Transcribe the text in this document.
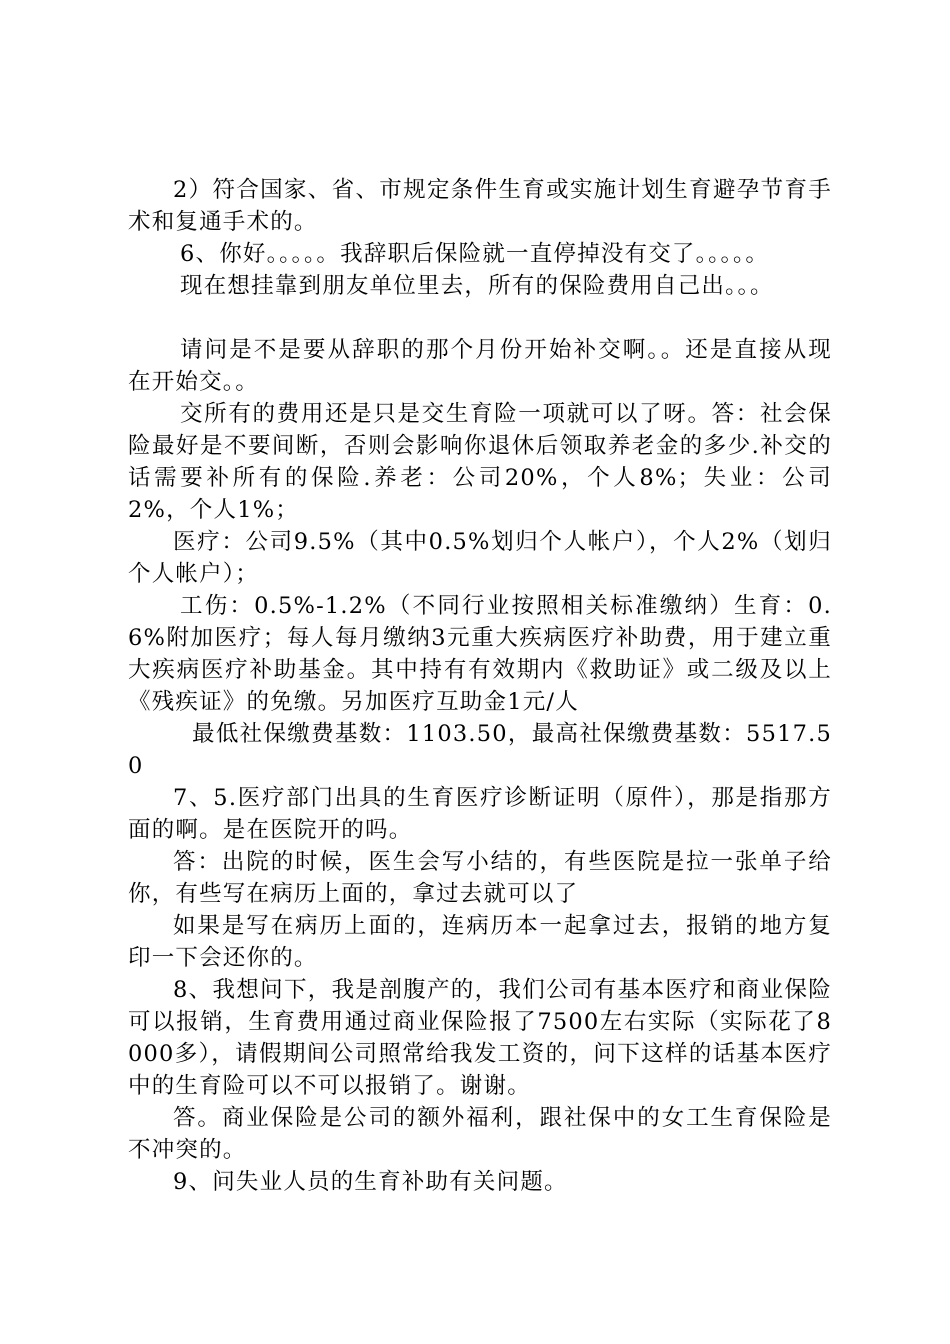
2）符合国家、省、市规定条件生育或实施计划生育避孕节育手术和复通手术的。

6、你好。。。。。我辞职后保险就一直停掉没有交了。。。。。

现在想挂靠到朋友单位里去，所有的保险费用自己出。。。

请问是不是要从辞职的那个月份开始补交啊。。还是直接从现在开始交。。

交所有的费用还是只是交生育险一项就可以了呀。答：社会保险最好是不要间断，否则会影响你退休后领取养老金的多少.补交的话需要补所有的保险.养老：公司20%，个人8%；失业：公司2%，个人1%；

医疗：公司9.5%（其中0.5%划归个人帐户），个人2%（划归个人帐户）；

工伤：0.5%-1.2%（不同行业按照相关标准缴纳）生育：0.6%附加医疗；每人每月缴纳3元重大疾病医疗补助费，用于建立重大疾病医疗补助基金。其中持有有效期内《救助证》或二级及以上《残疾证》的免缴。另加医疗互助金1元/人

最低社保缴费基数：1103.50，最高社保缴费基数：5517.50

7、5.医疗部门出具的生育医疗诊断证明（原件），那是指那方面的啊。是在医院开的吗。

答：出院的时候，医生会写小结的，有些医院是拉一张单子给你，有些写在病历上面的，拿过去就可以了

如果是写在病历上面的，连病历本一起拿过去，报销的地方复印一下会还你的。

8、我想问下，我是剖腹产的，我们公司有基本医疗和商业保险可以报销，生育费用通过商业保险报了7500左右实际（实际花了8000多），请假期间公司照常给我发工资的，问下这样的话基本医疗中的生育险可以不可以报销了。谢谢。

答。商业保险是公司的额外福利，跟社保中的女工生育保险是不冲突的。

9、问失业人员的生育补助有关问题。
